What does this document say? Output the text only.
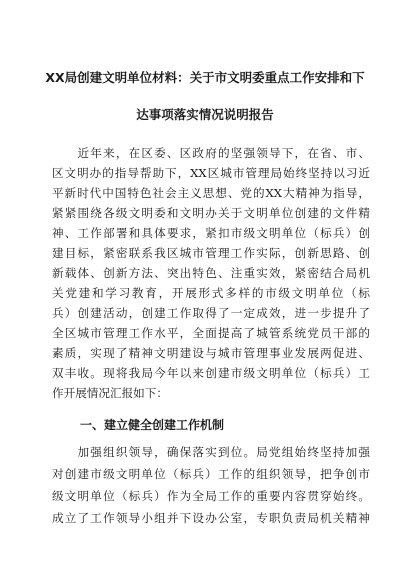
XX局创建文明单位材料：关于市文明委重点工作安排和下
达事项落实情况说明报告
　　近年来，在区委、区政府的坚强领导下，在省、市、
区文明办的指导帮助下，XX区城市管理局始终坚持以习近
平新时代中国特色社会主义思想、党的XX大精神为指导，
紧紧围绕各级文明委和文明办关于文明单位创建的文件精
神、工作部署和具体要求，紧扣市级文明单位（标兵）创
建目标，紧密联系我区城市管理工作实际，创新思路、创
新载体、创新方法、突出特色、注重实效，紧密结合局机
关党建和学习教育，开展形式多样的市级文明单位（标
兵）创建活动，创建工作取得了一定成效，进一步提升了
全区城市管理工作水平，全面提高了城管系统党员干部的
素质，实现了精神文明建设与城市管理事业发展两促进、
双丰收。现将我局今年以来创建市级文明单位（标兵）工
作开展情况汇报如下：
一、建立健全创建工作机制
　　加强组织领导，确保落实到位。局党组始终坚持加强
对创建市级文明单位（标兵）工作的组织领导，把争创市
级文明单位（标兵）作为全局工作的重要内容贯穿始终。
成立了工作领导小组并下设办公室，专职负责局机关精神
